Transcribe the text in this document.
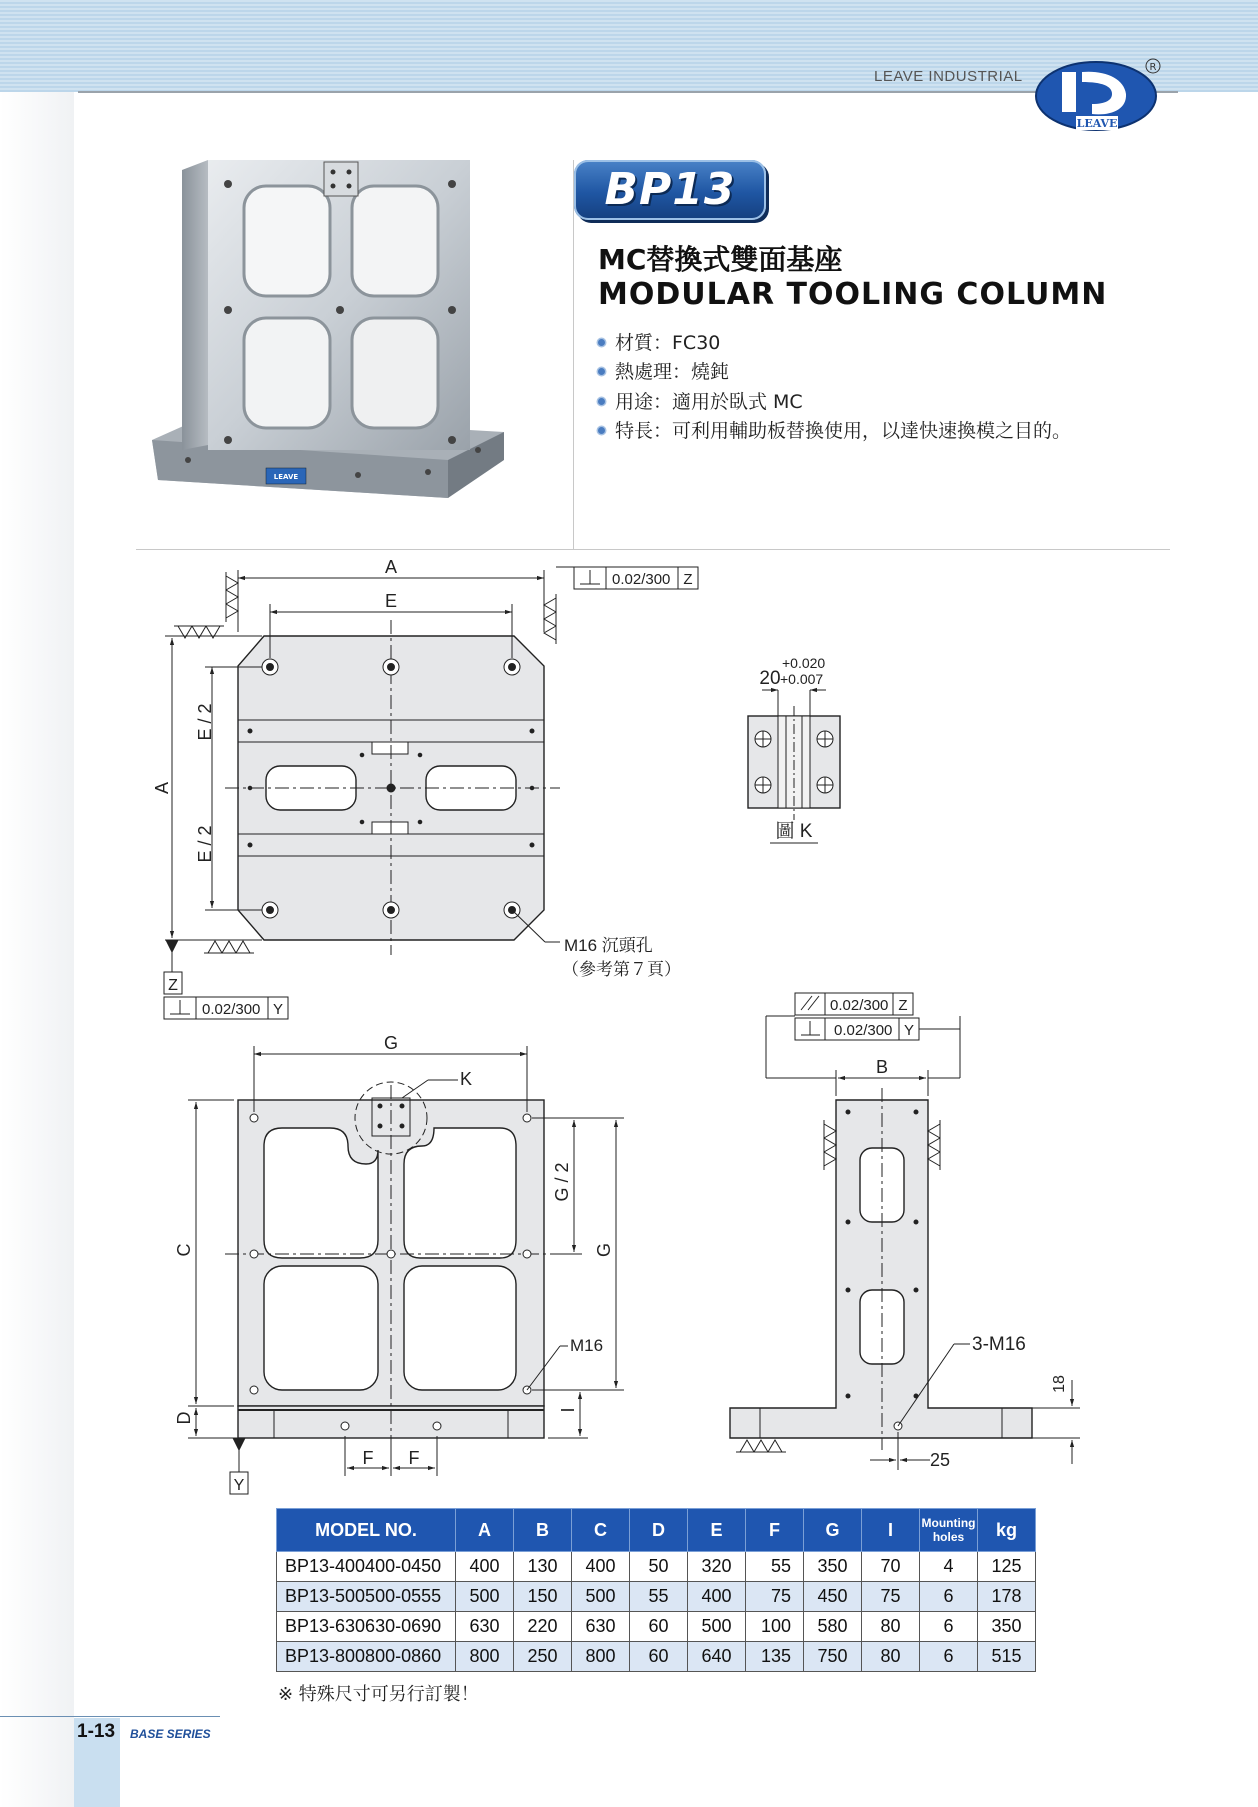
LEAVE INDUSTRIAL
LEAVE
R
1-13 BASE SERIES
LEAVE
BP13
MC替換式雙面基座
MODULAR TOOLING COLUMN
材質：FC30
熱處理：燒鈍
用途：適用於臥式 MC
特長：可利用輔助板替換使用，以達快速換模之目的。
A
E
A
E / 2
E / 2
Z
0.02/300 Y
0.02/300 Z
M16 沉頭孔
（參考第７頁）
20
+0.020
+0.007
圖 K
G
C
D
Y
G / 2
G
I
F F
K
M16
B
0.02/300 Z
0.02/300 Y
25
18
3-M16
MODEL NO.	A	B	C	D	E	F	G	I	Mounting holes	kg
BP13-400400-0450	400	130	400	50	320	55	350	70	4	125
BP13-500500-0555	500	150	500	55	400	75	450	75	6	178
BP13-630630-0690	630	220	630	60	500	100	580	80	6	350
BP13-800800-0860	800	250	800	60	640	135	750	80	6	515
※ 特殊尺寸可另行訂製！
